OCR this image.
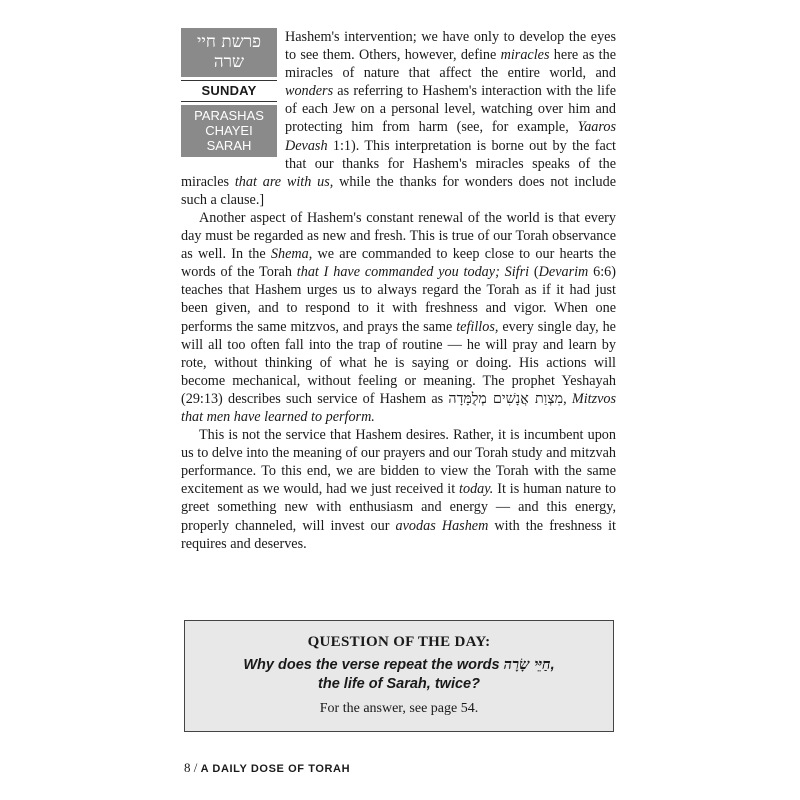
פרשת חיי שרה
SUNDAY
PARASHAS
CHAYEI
SARAH

Hashem's intervention; we have only to develop the eyes to see them. Others, however, define miracles here as the miracles of nature that affect the entire world, and wonders as referring to Hashem's interaction with the life of each Jew on a personal level, watching over him and protecting him from harm (see, for example, Yaaros Devash 1:1). This interpretation is borne out by the fact that our thanks for Hashem's miracles speaks of the miracles that are with us, while the thanks for wonders does not include such a clause.]

Another aspect of Hashem's constant renewal of the world is that every day must be regarded as new and fresh. This is true of our Torah observance as well. In the Shema, we are commanded to keep close to our hearts the words of the Torah that I have commanded you today; Sifri (Devarim 6:6) teaches that Hashem urges us to always regard the Torah as if it had just been given, and to respond to it with freshness and vigor. When one performs the same mitzvos, and prays the same tefillos, every single day, he will all too often fall into the trap of routine — he will pray and learn by rote, without thinking of what he is saying or doing. His actions will become mechanical, without feeling or meaning. The prophet Yeshayah (29:13) describes such service of Hashem as מִצְוַת אֲנָשִׁים מְלֻמָּדָה, Mitzvos that men have learned to perform.

This is not the service that Hashem desires. Rather, it is incumbent upon us to delve into the meaning of our prayers and our Torah study and mitzvah performance. To this end, we are bidden to view the Torah with the same excitement as we would, had we just received it today. It is human nature to greet something new with enthusiasm and energy — and this energy, properly channeled, will invest our avodas Hashem with the freshness it requires and deserves.

QUESTION OF THE DAY:
Why does the verse repeat the words חַיֵּי שָׂרָה,
the life of Sarah, twice?
For the answer, see page 54.
8 / A DAILY DOSE OF TORAH
